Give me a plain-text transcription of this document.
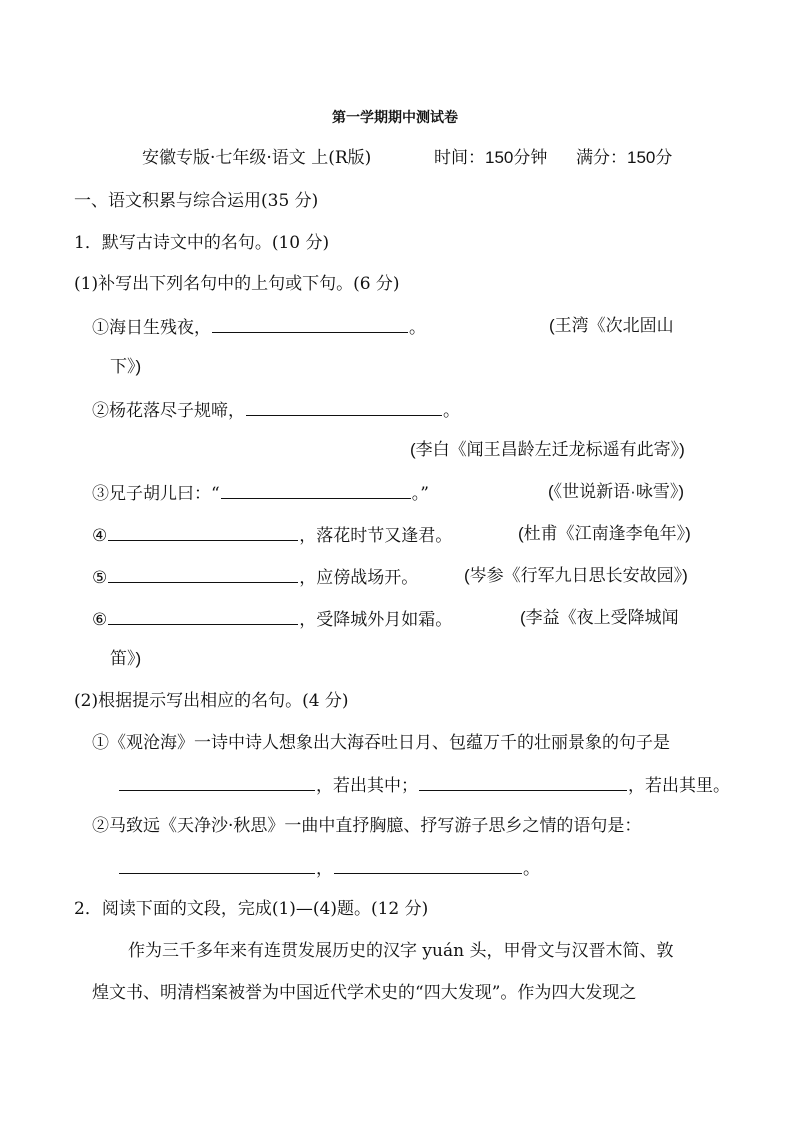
第一学期期中测试卷
安徽专版·七年级·语文 上(R版)	时间：150分钟 满分：150分
一、语文积累与综合运用(35 分)
1．默写古诗文中的名句。(10 分)
(1)补写出下列名句中的上句或下句。(6 分)
①海日生残夜，	。	(王湾《次北固山
下》)
②杨花落尽子规啼，	。
(李白《闻王昌龄左迁龙标遥有此寄》)
③兄子胡儿曰：“	。”	(《世说新语·咏雪》)
④	，落花时节又逢君。	(杜甫《江南逢李龟年》)
⑤	，应傍战场开。	(岑参《行军九日思长安故园》)
⑥	，受降城外月如霜。	(李益《夜上受降城闻
笛》)
(2)根据提示写出相应的名句。(4 分)
①《观沧海》一诗中诗人想象出大海吞吐日月、包蕴万千的壮丽景象的句子是
，若出其中；	，若出其里。
②马致远《天净沙·秋思》一曲中直抒胸臆、抒写游子思乡之情的语句是：
，	。
2．阅读下面的文段，完成(1)—(4)题。(12 分)
作为三千多年来有连贯发展历史的汉字 yuán 头，甲骨文与汉晋木简、敦
煌文书、明清档案被誉为中国近代学术史的“四大发现”。作为四大发现之
